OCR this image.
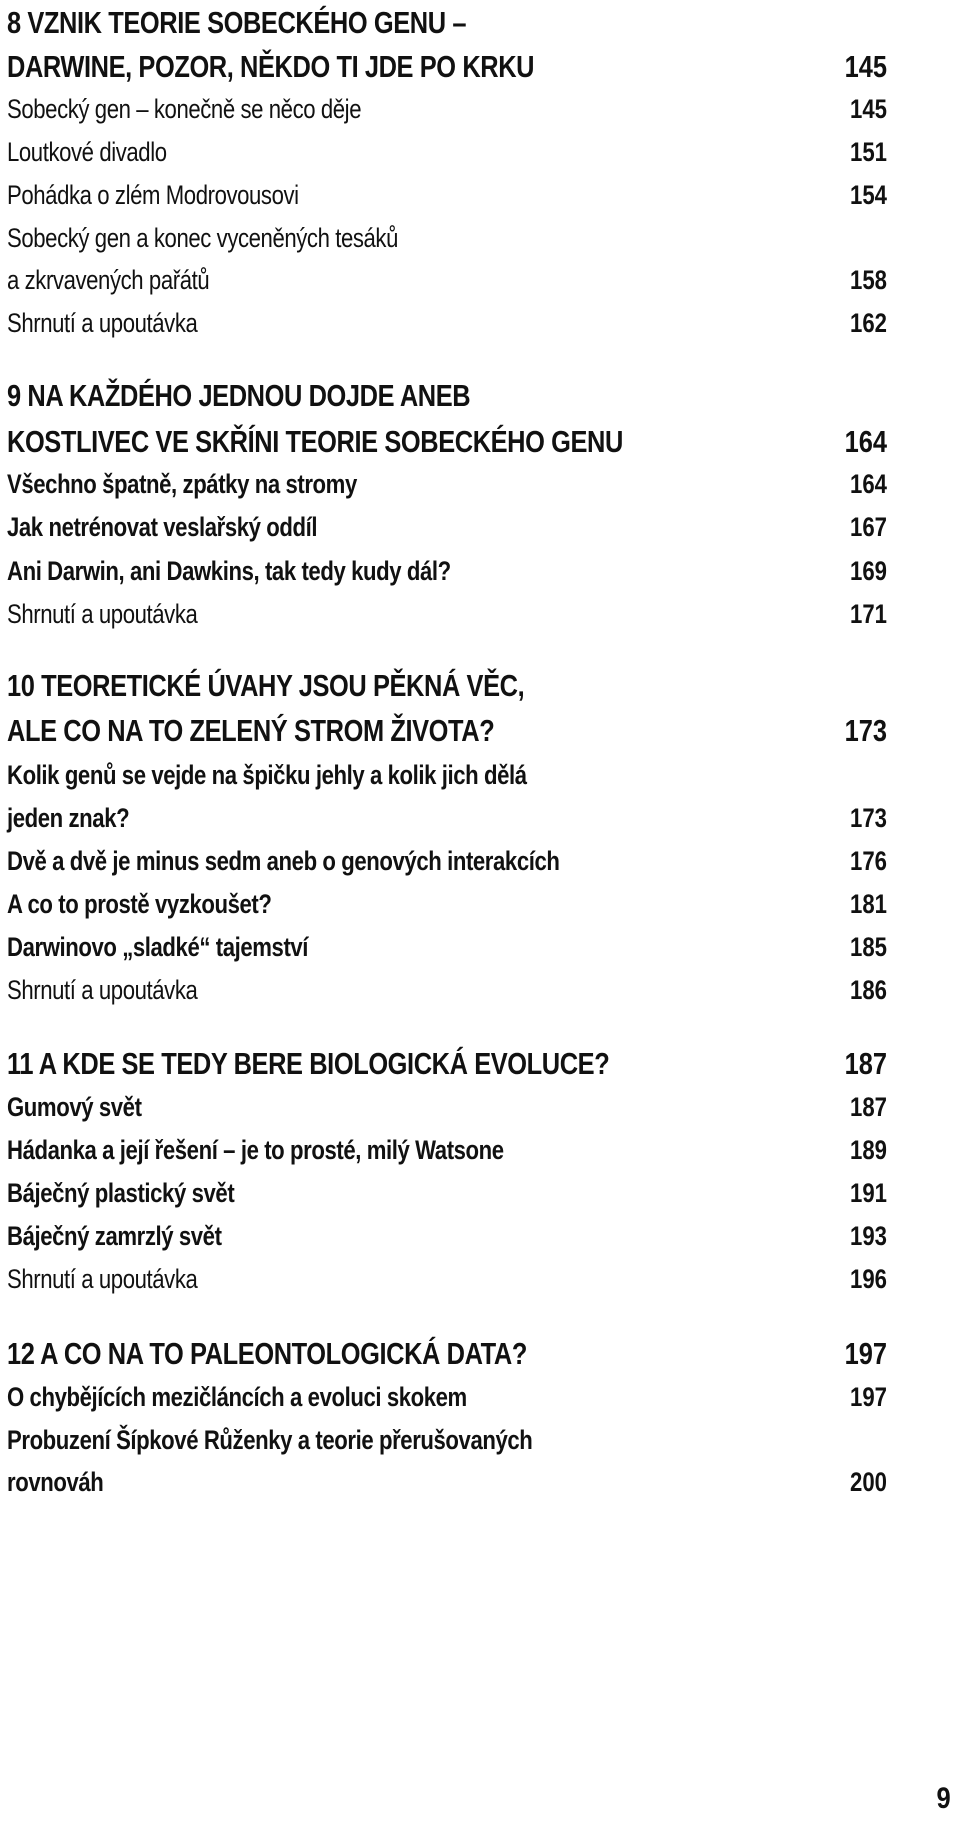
8 VZNIK TEORIE SOBECKÉHO GENU –
DARWINE, POZOR, NĚKDO TI JDE PO KRKU	145
Sobecký gen – konečně se něco děje	145
Loutkové divadlo	151
Pohádka o zlém Modrovousovi	154
Sobecký gen a konec vyceněných tesáků
a zkrvavených pařátů	158
Shrnutí a upoutávka	162
9 NA KAŽDÉHO JEDNOU DOJDE ANEB
KOSTLIVEC VE SKŘÍNI TEORIE SOBECKÉHO GENU	164
Všechno špatně, zpátky na stromy	164
Jak netrénovat veslařský oddíl	167
Ani Darwin, ani Dawkins, tak tedy kudy dál?	169
Shrnutí a upoutávka	171
10 TEORETICKÉ ÚVAHY JSOU PĚKNÁ VĚC,
ALE CO NA TO ZELENÝ STROM ŽIVOTA?	173
Kolik genů se vejde na špičku jehly a kolik jich dělá
jeden znak?	173
Dvě a dvě je minus sedm aneb o genových interakcích	176
A co to prostě vyzkoušet?	181
Darwinovo „sladké“ tajemství	185
Shrnutí a upoutávka	186
11 A KDE SE TEDY BERE BIOLOGICKÁ EVOLUCE?	187
Gumový svět	187
Hádanka a její řešení – je to prosté, milý Watsone	189
Báječný plastický svět	191
Báječný zamrzlý svět	193
Shrnutí a upoutávka	196
12 A CO NA TO PALEONTOLOGICKÁ DATA?	197
O chybějících mezičláncích a evoluci skokem	197
Probuzení Šípkové Růženky a teorie přerušovaných
rovnováh	200
9
